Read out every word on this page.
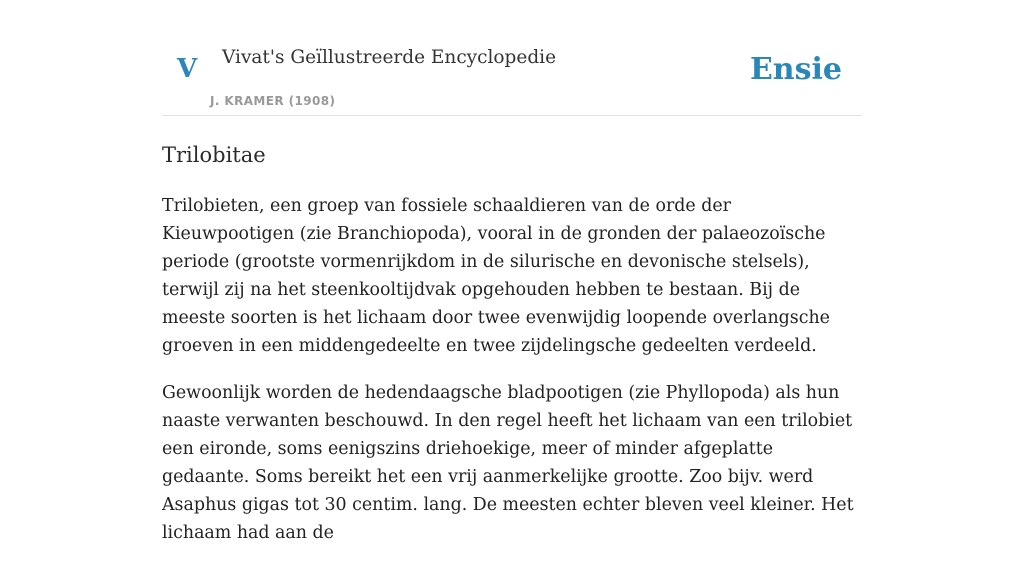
V Vivat's Geïllustreerde Encyclopedie
J. KRAMER (1908)
Ensie
Trilobitae

Trilobieten, een groep van fossiele schaaldieren van de orde der Kieuwpootigen (zie Branchiopoda), vooral in de gronden der palaeozoïsche periode (grootste vormenrijkdom in de silurische en devonische stelsels), terwijl zij na het steenkooltijdvak opgehouden hebben te bestaan. Bij de meeste soorten is het lichaam door twee evenwijdig loopende overlangsche groeven in een middengedeelte en twee zijdelingsche gedeelten verdeeld.

Gewoonlijk worden de hedendaagsche bladpootigen (zie Phyllopoda) als hun naaste verwanten beschouwd. In den regel heeft het lichaam van een trilobiet een eironde, soms eenigszins driehoekige, meer of minder afgeplatte gedaante. Soms bereikt het een vrij aanmerkelijke grootte. Zoo bijv. werd Asaphus gigas tot 30 centim. lang. De meesten echter bleven veel kleiner. Het lichaam had aan de
